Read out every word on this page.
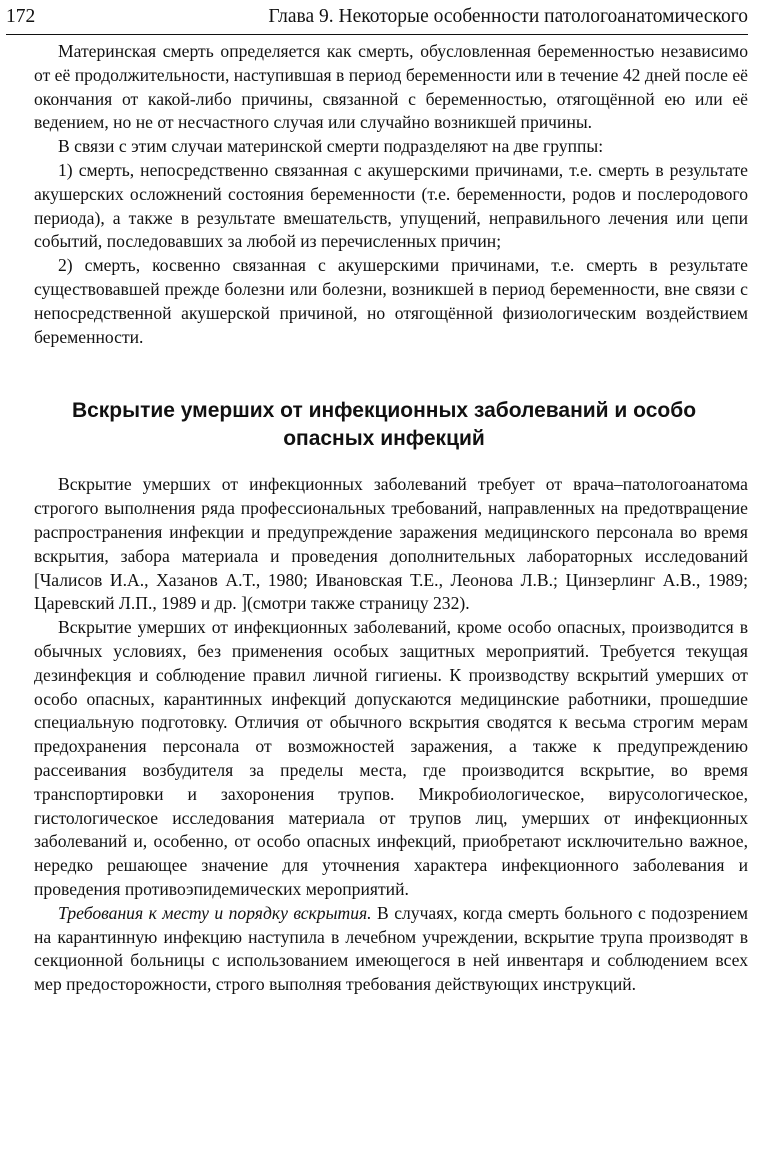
172	Глава 9. Некоторые особенности патологоанатомического

Материнская смерть определяется как смерть, обусловленная беременностью независимо от её продолжительности, наступившая в период беременности или в течение 42 дней после её окончания от какой-либо причины, связанной с беременностью, отягощённой ею или её ведением, но не от несчастного случая или случайно возникшей причины.

В связи с этим случаи материнской смерти подразделяют на две группы:

1) смерть, непосредственно связанная с акушерскими причинами, т.е. смерть в результате акушерских осложнений состояния беременности (т.е. беременности, родов и послеродового периода), а также в результате вмешательств, упущений, неправильного лечения или цепи событий, последовавших за любой из перечисленных причин;

2) смерть, косвенно связанная с акушерскими причинами, т.е. смерть в результате существовавшей прежде болезни или болезни, возникшей в период беременности, вне связи с непосредственной акушерской причиной, но отягощённой физиологическим воздействием беременности.

Вскрытие умерших от инфекционных заболеваний и особо опасных инфекций

Вскрытие умерших от инфекционных заболеваний требует от врача–патологоанатома строгого выполнения ряда профессиональных требований, направленных на предотвращение распространения инфекции и предупреждение заражения медицинского персонала во время вскрытия, забора материала и проведения дополнительных лабораторных исследований [Чалисов И.А., Хазанов А.Т., 1980; Ивановская Т.Е., Леонова Л.В.; Цинзерлинг А.В., 1989; Царевский Л.П., 1989 и др. ](смотри также страницу 232).

Вскрытие умерших от инфекционных заболеваний, кроме особо опасных, производится в обычных условиях, без применения особых защитных мероприятий. Требуется текущая дезинфекция и соблюдение правил личной гигиены. К производству вскрытий умерших от особо опасных, карантинных инфекций допускаются медицинские работники, прошедшие специальную подготовку. Отличия от обычного вскрытия сводятся к весьма строгим мерам предохранения персонала от возможностей заражения, а также к предупреждению рассеивания возбудителя за пределы места, где производится вскрытие, во время транспортировки и захоронения трупов. Микробиологическое, вирусологическое, гистологическое исследования материала от трупов лиц, умерших от инфекционных заболеваний и, особенно, от особо опасных инфекций, приобретают исключительно важное, нередко решающее значение для уточнения характера инфекционного заболевания и проведения противоэпидемических мероприятий.

Требования к месту и порядку вскрытия. В случаях, когда смерть больного с подозрением на карантинную инфекцию наступила в лечебном учреждении, вскрытие трупа производят в секционной больницы с использованием имеющегося в ней инвентаря и соблюдением всех мер предосторожности, строго выполняя требования действующих инструкций.
